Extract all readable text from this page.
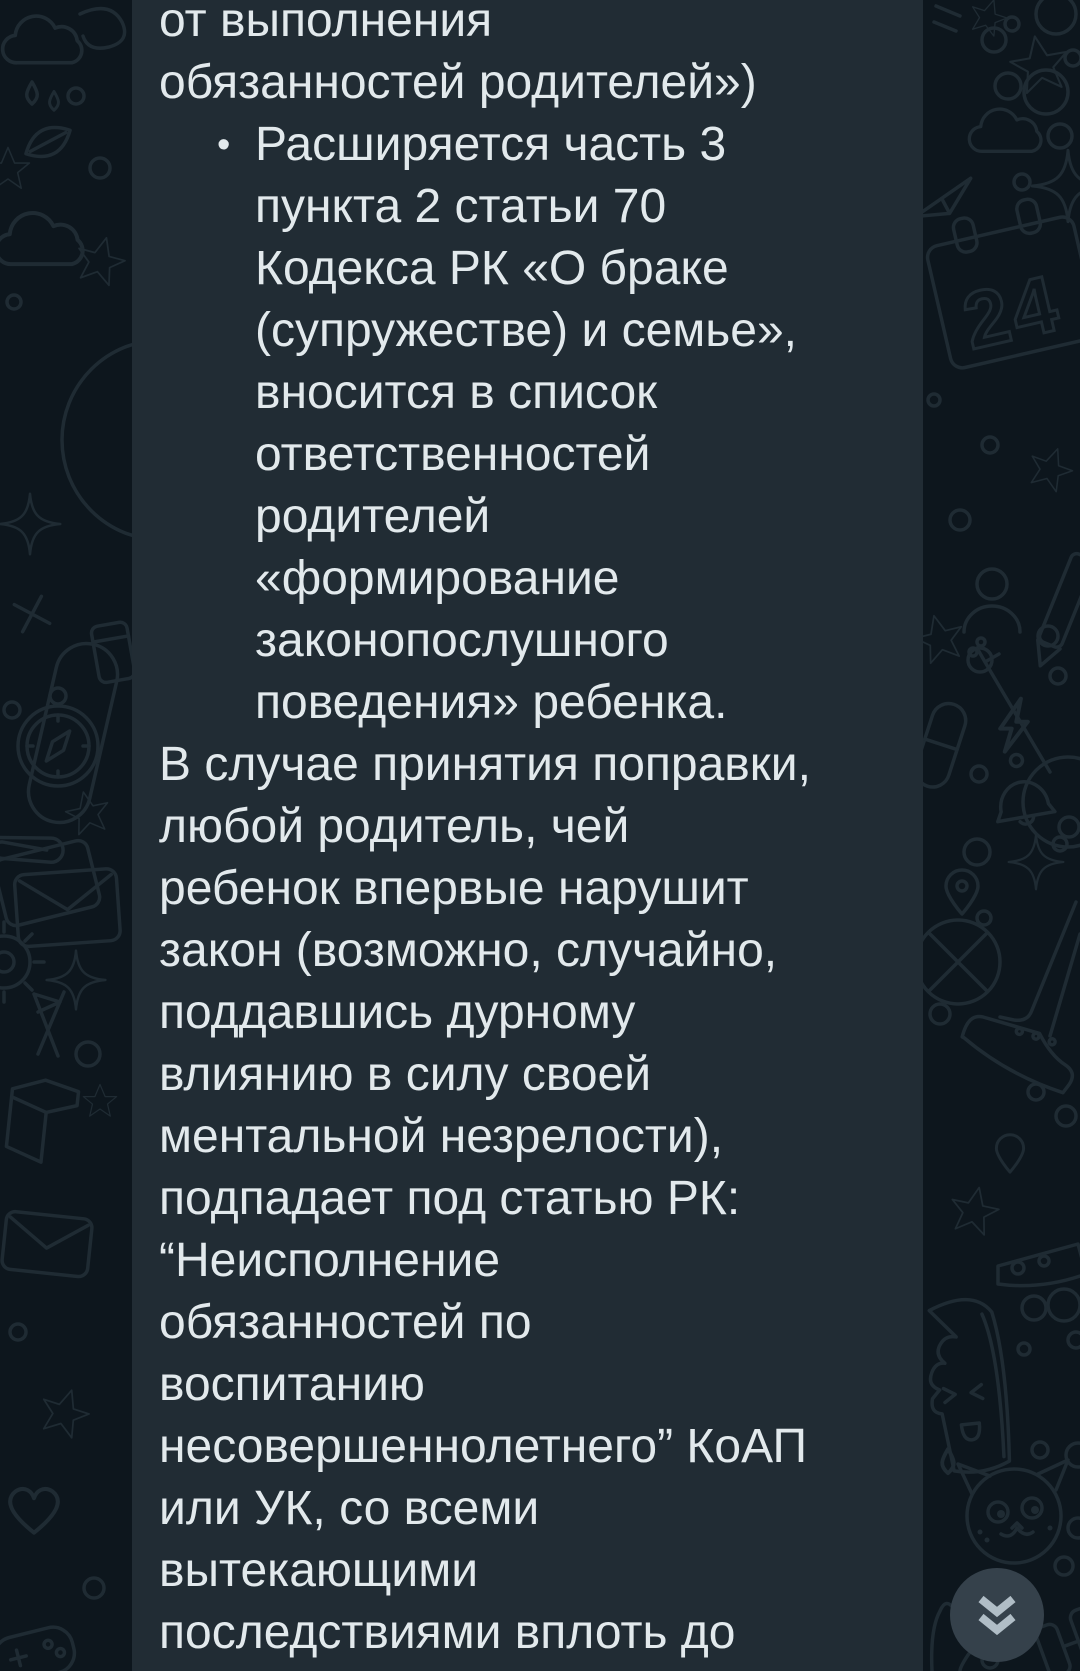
24
от выполнения
обязанностей родителей»)
• Расширяется часть 3
пункта 2 статьи 70
Кодекса РК «О браке
(супружестве) и семье»,
вносится в список
ответственностей
родителей
«формирование
законопослушного
поведения» ребенка.
В случае принятия поправки,
любой родитель, чей
ребенок впервые нарушит
закон (возможно, случайно,
поддавшись дурному
влиянию в силу своей
ментальной незрелости),
подпадает под статью РК:
“Неисполнение
обязанностей по
воспитанию
несовершеннолетнего” КоАП
или УК, со всеми
вытекающими
последствиями вплоть до
